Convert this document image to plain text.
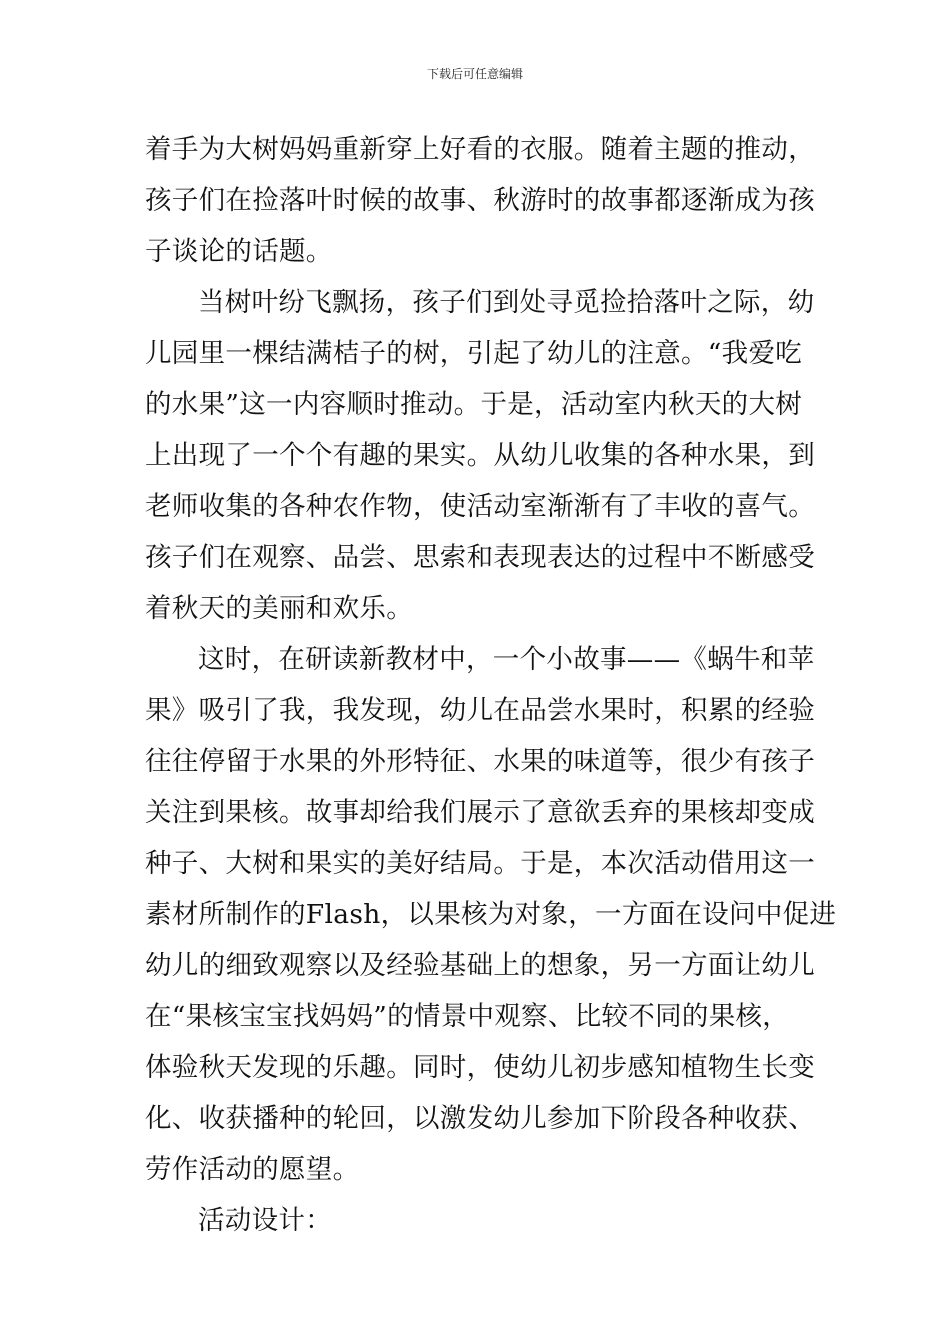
下载后可任意编辑
着手为大树妈妈重新穿上好看的衣服。随着主题的推动，
孩子们在捡落叶时候的故事、秋游时的故事都逐渐成为孩
子谈论的话题。
当树叶纷飞飘扬，孩子们到处寻觅捡拾落叶之际，幼
儿园里一棵结满桔子的树，引起了幼儿的注意。“我爱吃
的水果”这一内容顺时推动。于是，活动室内秋天的大树
上出现了一个个有趣的果实。从幼儿收集的各种水果，到
老师收集的各种农作物，使活动室渐渐有了丰收的喜气。
孩子们在观察、品尝、思索和表现表达的过程中不断感受
着秋天的美丽和欢乐。
这时，在研读新教材中，一个小故事——《蜗牛和苹
果》吸引了我，我发现，幼儿在品尝水果时，积累的经验
往往停留于水果的外形特征、水果的味道等，很少有孩子
关注到果核。故事却给我们展示了意欲丢弃的果核却变成
种子、大树和果实的美好结局。于是，本次活动借用这一
素材所制作的Flash，以果核为对象，一方面在设问中促进
幼儿的细致观察以及经验基础上的想象，另一方面让幼儿
在“果核宝宝找妈妈”的情景中观察、比较不同的果核，
体验秋天发现的乐趣。同时，使幼儿初步感知植物生长变
化、收获播种的轮回，以激发幼儿参加下阶段各种收获、
劳作活动的愿望。
活动设计：
